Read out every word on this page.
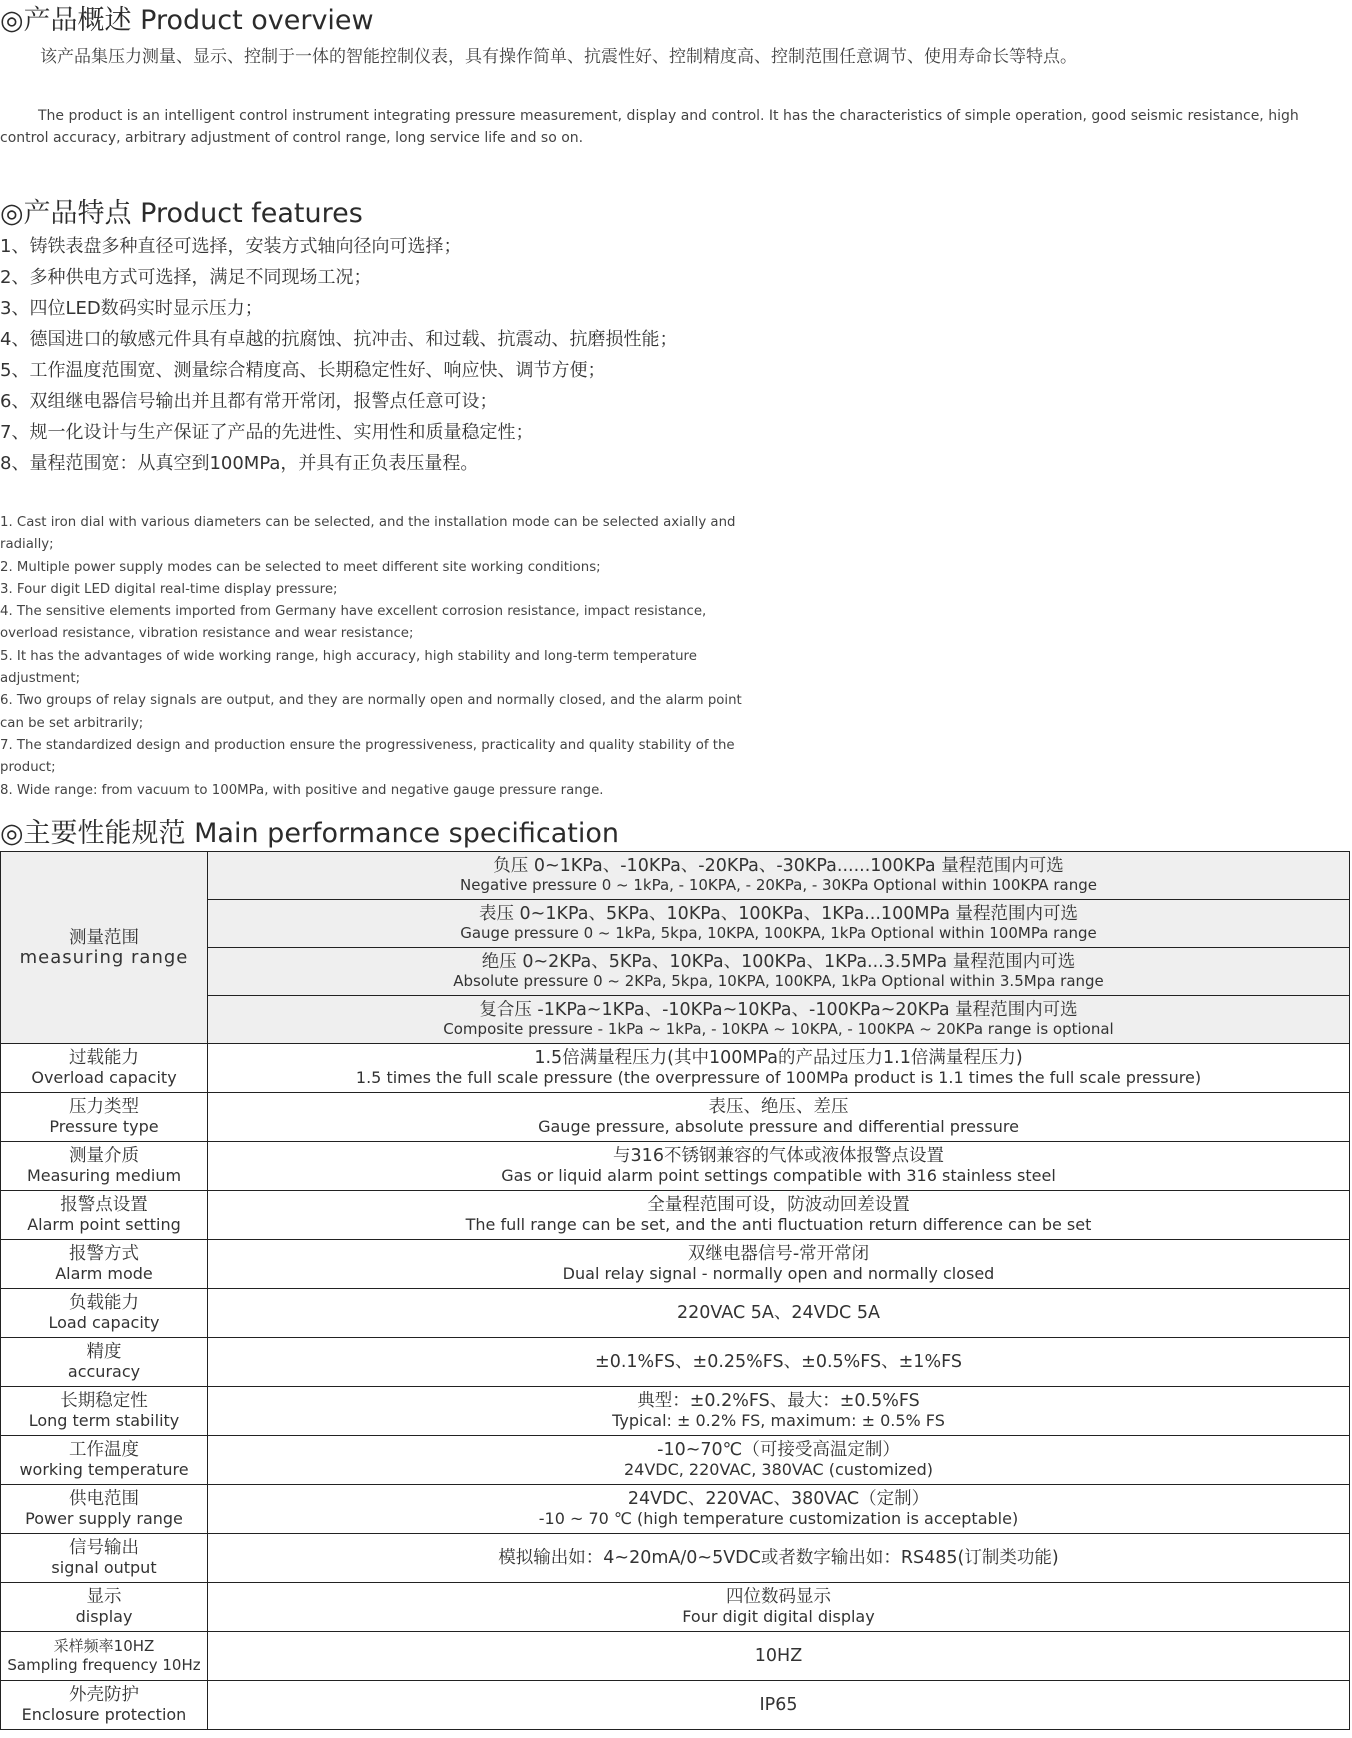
◎产品概述 Product overview
该产品集压力测量、显示、控制于一体的智能控制仪表，具有操作简单、抗震性好、控制精度高、控制范围任意调节、使用寿命长等特点。
The product is an intelligent control instrument integrating pressure measurement, display and control. It has the characteristics of simple operation, good seismic resistance, high control accuracy, arbitrary adjustment of control range, long service life and so on.
◎产品特点 Product features
1、铸铁表盘多种直径可选择，安装方式轴向径向可选择；
2、多种供电方式可选择，满足不同现场工况；
3、四位LED数码实时显示压力；
4、德国进口的敏感元件具有卓越的抗腐蚀、抗冲击、和过载、抗震动、抗磨损性能；
5、工作温度范围宽、测量综合精度高、长期稳定性好、响应快、调节方便；
6、双组继电器信号输出并且都有常开常闭，报警点任意可设；
7、规一化设计与生产保证了产品的先进性、实用性和质量稳定性；
8、量程范围宽：从真空到100MPa，并具有正负表压量程。
1. Cast iron dial with various diameters can be selected, and the installation mode can be selected axially and radially;
2. Multiple power supply modes can be selected to meet different site working conditions;
3. Four digit LED digital real-time display pressure;
4. The sensitive elements imported from Germany have excellent corrosion resistance, impact resistance, overload resistance, vibration resistance and wear resistance;
5. It has the advantages of wide working range, high accuracy, high stability and long-term temperature adjustment;
6. Two groups of relay signals are output, and they are normally open and normally closed, and the alarm point can be set arbitrarily;
7. The standardized design and production ensure the progressiveness, practicality and quality stability of the product;
8. Wide range: from vacuum to 100MPa, with positive and negative gauge pressure range.
◎主要性能规范 Main performance specification
测量范围
measuring range	负压 0~1KPa、-10KPa、-20KPa、-30KPa......100KPa 量程范围内可选
Negative pressure 0 ~ 1kPa, - 10KPA, - 20KPa, - 30KPa Optional within 100KPA range

	表压 0~1KPa、5KPa、10KPa、100KPa、1KPa...100MPa 量程范围内可选
Gauge pressure 0 ~ 1kPa, 5kpa, 10KPA, 100KPA, 1kPa Optional within 100MPa range

	绝压 0~2KPa、5KPa、10KPa、100KPa、1KPa...3.5MPa 量程范围内可选
Absolute pressure 0 ~ 2KPa, 5kpa, 10KPA, 100KPA, 1kPa Optional within 3.5Mpa range

	复合压 -1KPa~1KPa、-10KPa~10KPa、-100KPa~20KPa 量程范围内可选
Composite pressure - 1kPa ~ 1kPa, - 10KPA ~ 10KPA, - 100KPA ~ 20KPa range is optional

过载能力
Overload capacity	1.5倍满量程压力(其中100MPa的产品过压力1.1倍满量程压力)
1.5 times the full scale pressure (the overpressure of 100MPa product is 1.1 times the full scale pressure)

压力类型
Pressure type	表压、绝压、差压
Gauge pressure, absolute pressure and differential pressure

测量介质
Measuring medium	与316不锈钢兼容的气体或液体报警点设置
Gas or liquid alarm point settings compatible with 316 stainless steel

报警点设置
Alarm point setting	全量程范围可设，防波动回差设置
The full range can be set, and the anti fluctuation return difference can be set

报警方式
Alarm mode	双继电器信号-常开常闭
Dual relay signal - normally open and normally closed

负载能力
Load capacity	220VAC 5A、24VDC 5A

精度
accuracy	±0.1%FS、±0.25%FS、±0.5%FS、±1%FS

长期稳定性
Long term stability	典型：±0.2%FS、最大：±0.5%FS
Typical: ± 0.2% FS, maximum: ± 0.5% FS

工作温度
working temperature	-10~70℃（可接受高温定制）
24VDC, 220VAC, 380VAC (customized)

供电范围
Power supply range	24VDC、220VAC、380VAC（定制）
-10 ~ 70 ℃ (high temperature customization is acceptable)

信号输出
signal output	模拟输出如：4~20mA/0~5VDC或者数字输出如：RS485(订制类功能)

显示
display	四位数码显示
Four digit digital display

采样频率10HZ
Sampling frequency 10Hz	10HZ

外壳防护
Enclosure protection	IP65
